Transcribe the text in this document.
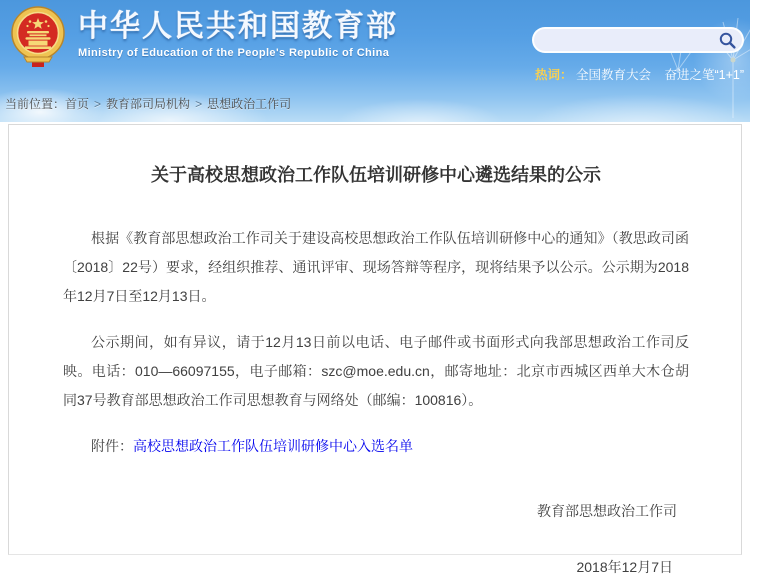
中华人民共和国教育部
Ministry of Education of the People's Republic of China
热词： 全国教育大会 奋进之笔“1+1”
当前位置：首页 > 教育部司局机构 > 思想政治工作司
关于高校思想政治工作队伍培训研修中心遴选结果的公示

根据《教育部思想政治工作司关于建设高校思想政治工作队伍培训研修中心的通知》（教思政司函〔2018〕22号）要求，经组织推荐、通讯评审、现场答辩等程序，现将结果予以公示。公示期为2018年12月7日至12月13日。

公示期间，如有异议，请于12月13日前以电话、电子邮件或书面形式向我部思想政治工作司反映。电话：010—66097155，电子邮箱：szc@moe.edu.cn，邮寄地址：北京市西城区西单大木仓胡同37号教育部思想政治工作司思想教育与网络处（邮编：100816）。

附件：高校思想政治工作队伍培训研修中心入选名单
教育部思想政治工作司
2018年12月7日
